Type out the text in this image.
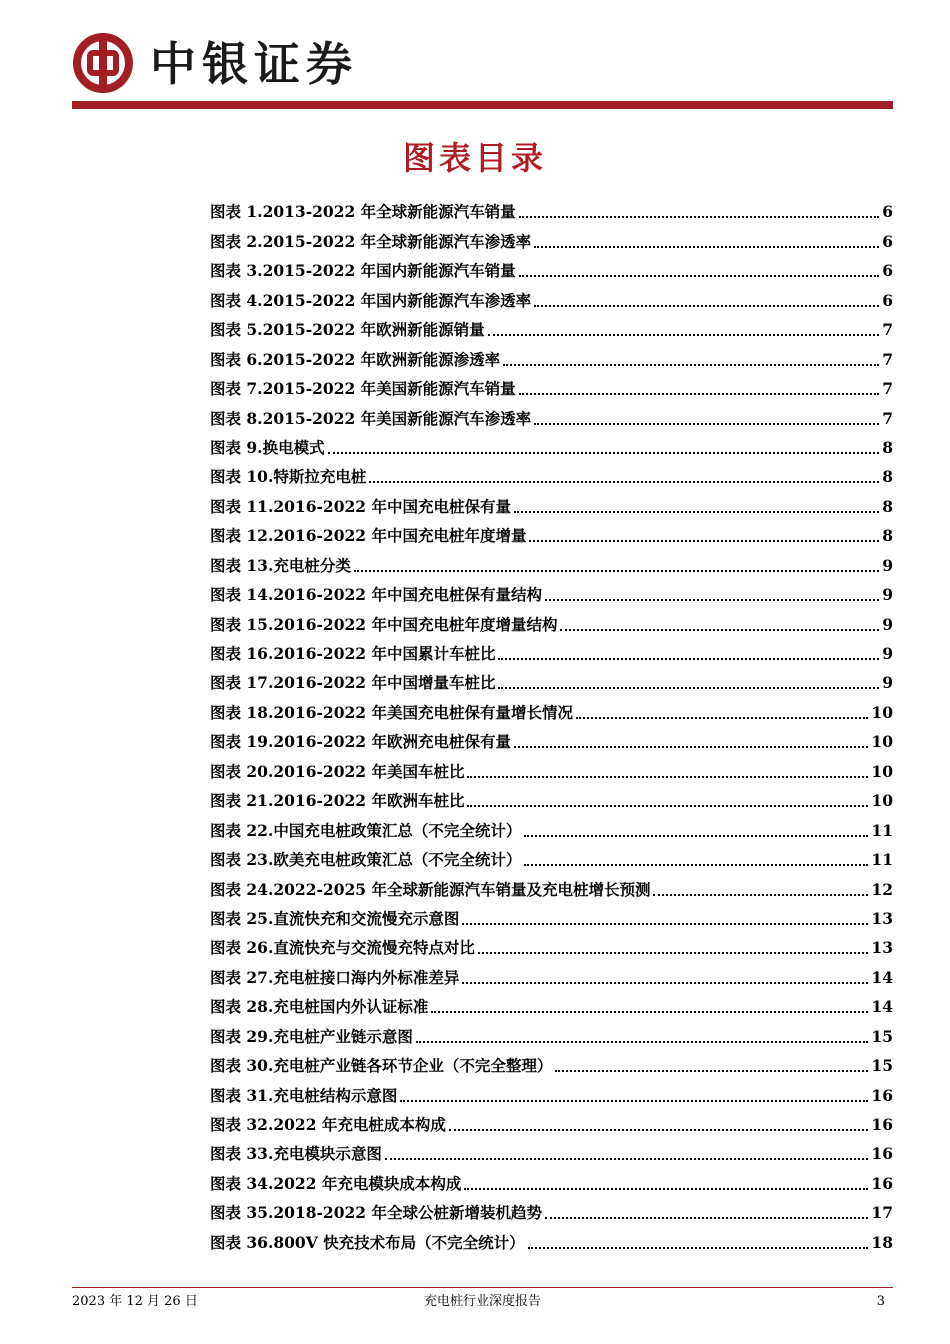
中银证券
图表目录
图表 1.2013-2022 年全球新能源汽车销量	6
图表 2.2015-2022 年全球新能源汽车渗透率	6
图表 3.2015-2022 年国内新能源汽车销量	6
图表 4.2015-2022 年国内新能源汽车渗透率	6
图表 5.2015-2022 年欧洲新能源销量	7
图表 6.2015-2022 年欧洲新能源渗透率	7
图表 7.2015-2022 年美国新能源汽车销量	7
图表 8.2015-2022 年美国新能源汽车渗透率	7
图表 9.换电模式	8
图表 10.特斯拉充电桩	8
图表 11.2016-2022 年中国充电桩保有量	8
图表 12.2016-2022 年中国充电桩年度增量	8
图表 13.充电桩分类	9
图表 14.2016-2022 年中国充电桩保有量结构	9
图表 15.2016-2022 年中国充电桩年度增量结构	9
图表 16.2016-2022 年中国累计车桩比	9
图表 17.2016-2022 年中国增量车桩比	9
图表 18.2016-2022 年美国充电桩保有量增长情况	10
图表 19.2016-2022 年欧洲充电桩保有量	10
图表 20.2016-2022 年美国车桩比	10
图表 21.2016-2022 年欧洲车桩比	10
图表 22.中国充电桩政策汇总（不完全统计）	11
图表 23.欧美充电桩政策汇总（不完全统计）	11
图表 24.2022-2025 年全球新能源汽车销量及充电桩增长预测	12
图表 25.直流快充和交流慢充示意图	13
图表 26.直流快充与交流慢充特点对比	13
图表 27.充电桩接口海内外标准差异	14
图表 28.充电桩国内外认证标准	14
图表 29.充电桩产业链示意图	15
图表 30.充电桩产业链各环节企业（不完全整理）	15
图表 31.充电桩结构示意图	16
图表 32.2022 年充电桩成本构成	16
图表 33.充电模块示意图	16
图表 34.2022 年充电模块成本构成	16
图表 35.2018-2022 年全球公桩新增装机趋势	17
图表 36.800V 快充技术布局（不完全统计）	18
2023 年 12 月 26 日	充电桩行业深度报告	3
